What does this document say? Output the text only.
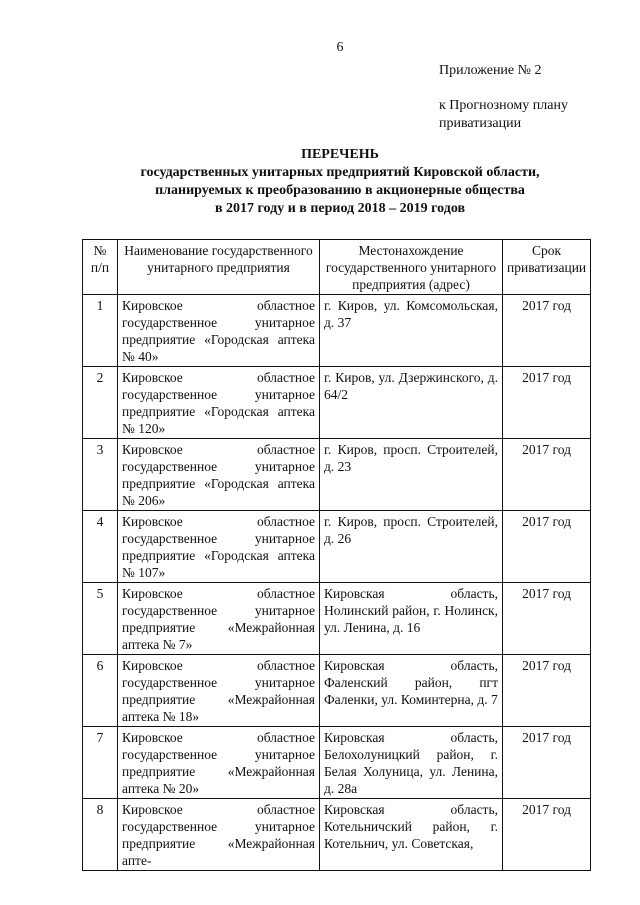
6
Приложение № 2
к Прогнозному плану
приватизации
ПЕРЕЧЕНЬ
государственных унитарных предприятий Кировской области,
планируемых к преобразованию в акционерные общества
в 2017 году и в период 2018 – 2019 годов
№ п/п	Наименование государственного унитарного предприятия	Местонахождение государственного унитарного предприятия (адрес)	Срок приватизации
1	Кировское областное государственное унитарное предприятие «Городская аптека № 40»	г. Киров, ул. Комсомольская, д. 37	2017 год
2	Кировское областное государственное унитарное предприятие «Городская аптека № 120»	г. Киров, ул. Дзержинского, д. 64/2	2017 год
3	Кировское областное государственное унитарное предприятие «Городская аптека № 206»	г. Киров, просп. Строителей, д. 23	2017 год
4	Кировское областное государственное унитарное предприятие «Городская аптека № 107»	г. Киров, просп. Строителей, д. 26	2017 год
5	Кировское областное государственное унитарное предприятие «Межрайонная аптека № 7»	Кировская область, Нолинский район, г. Нолинск, ул. Ленина, д. 16	2017 год
6	Кировское областное государственное унитарное предприятие «Межрайонная аптека № 18»	Кировская область, Фаленский район, пгт Фаленки, ул. Коминтерна, д. 7	2017 год
7	Кировское областное государственное унитарное предприятие «Межрайонная аптека № 20»	Кировская область, Белохолуницкий район, г. Белая Холуница, ул. Ленина, д. 28а	2017 год
8	Кировское областное государственное унитарное предприятие «Межрайонная апте-	Кировская область, Котельничский район, г. Котельнич, ул. Советская,	2017 год
